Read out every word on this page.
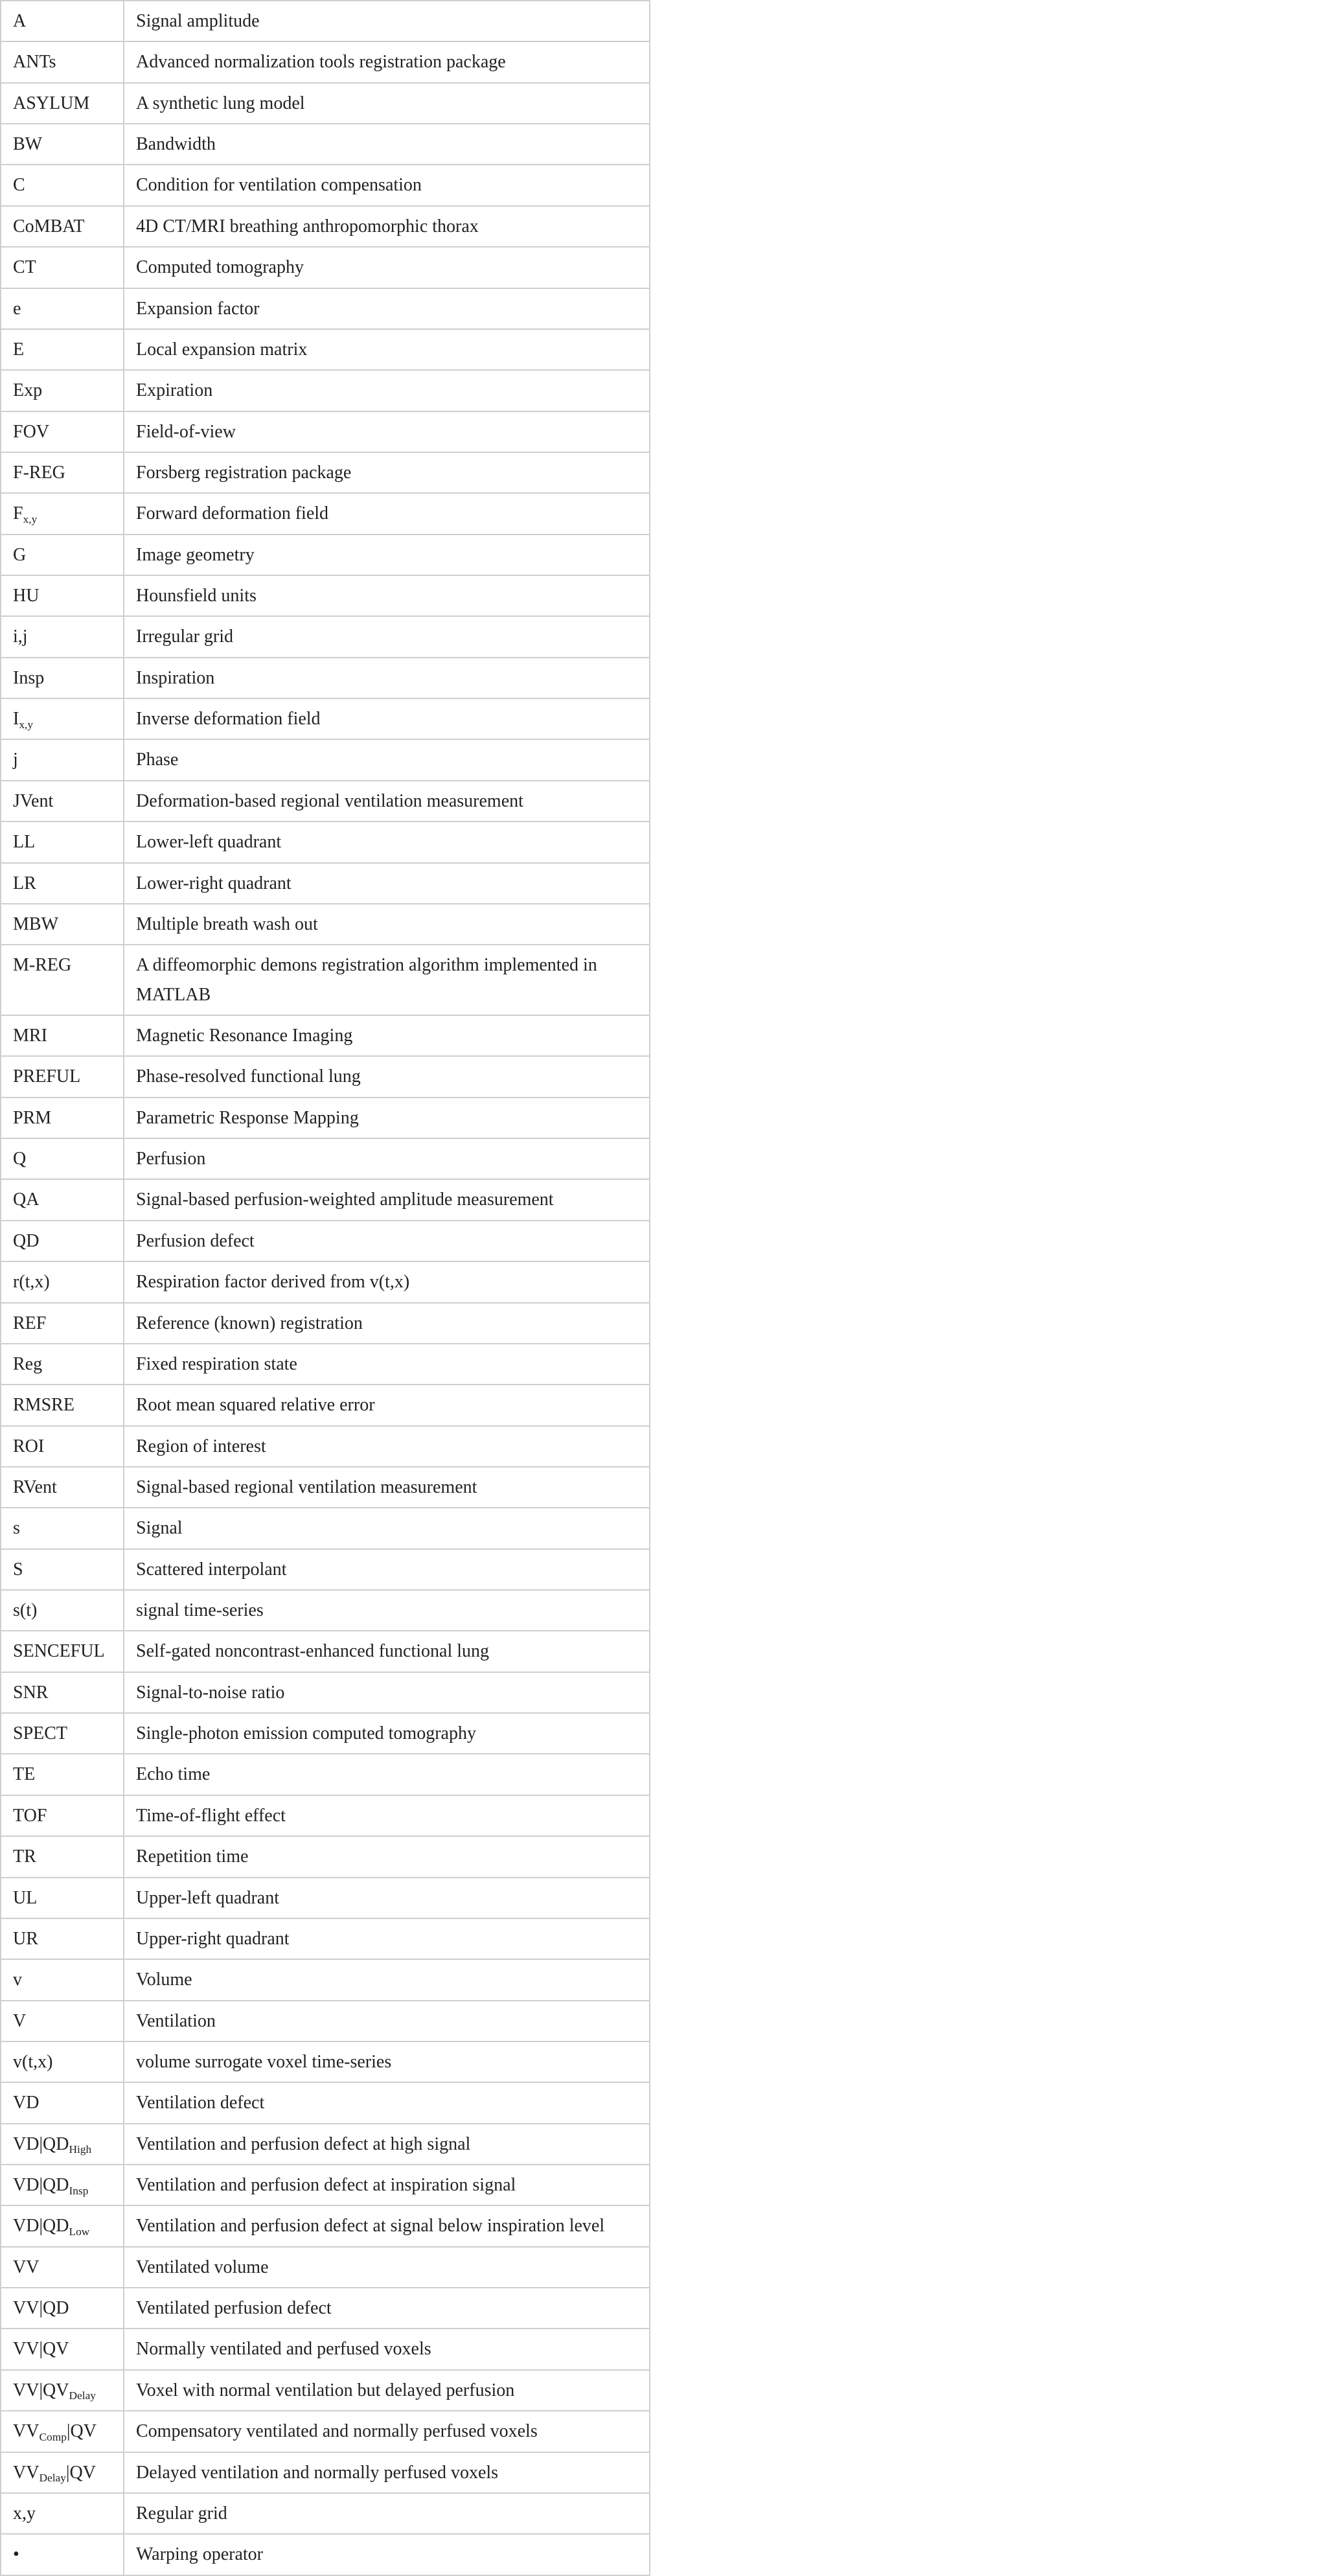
A	Signal amplitude
ANTs	Advanced normalization tools registration package
ASYLUM	A synthetic lung model
BW	Bandwidth
C	Condition for ventilation compensation
CoMBAT	4D CT/MRI breathing anthropomorphic thorax
CT	Computed tomography
e	Expansion factor
E	Local expansion matrix
Exp	Expiration
FOV	Field-of-view
F-REG	Forsberg registration package
Fx,y	Forward deformation field
G	Image geometry
HU	Hounsfield units
i,j	Irregular grid
Insp	Inspiration
Ix,y	Inverse deformation field
j	Phase
JVent	Deformation-based regional ventilation measurement
LL	Lower-left quadrant
LR	Lower-right quadrant
MBW	Multiple breath wash out
M-REG	A diffeomorphic demons registration algorithm implemented in MATLAB
MRI	Magnetic Resonance Imaging
PREFUL	Phase-resolved functional lung
PRM	Parametric Response Mapping
Q	Perfusion
QA	Signal-based perfusion-weighted amplitude measurement
QD	Perfusion defect
r(t,x)	Respiration factor derived from v(t,x)
REF	Reference (known) registration
Reg	Fixed respiration state
RMSRE	Root mean squared relative error
ROI	Region of interest
RVent	Signal-based regional ventilation measurement
s	Signal
S	Scattered interpolant
s(t)	signal time-series
SENCEFUL	Self-gated noncontrast-enhanced functional lung
SNR	Signal-to-noise ratio
SPECT	Single-photon emission computed tomography
TE	Echo time
TOF	Time-of-flight effect
TR	Repetition time
UL	Upper-left quadrant
UR	Upper-right quadrant
v	Volume
V	Ventilation
v(t,x)	volume surrogate voxel time-series
VD	Ventilation defect
VD|QDHigh	Ventilation and perfusion defect at high signal
VD|QDInsp	Ventilation and perfusion defect at inspiration signal
VD|QDLow	Ventilation and perfusion defect at signal below inspiration level
VV	Ventilated volume
VV|QD	Ventilated perfusion defect
VV|QV	Normally ventilated and perfused voxels
VV|QVDelay	Voxel with normal ventilation but delayed perfusion
VVComp|QV	Compensatory ventilated and normally perfused voxels
VVDelay|QV	Delayed ventilation and normally perfused voxels
x,y	Regular grid
•	Warping operator
